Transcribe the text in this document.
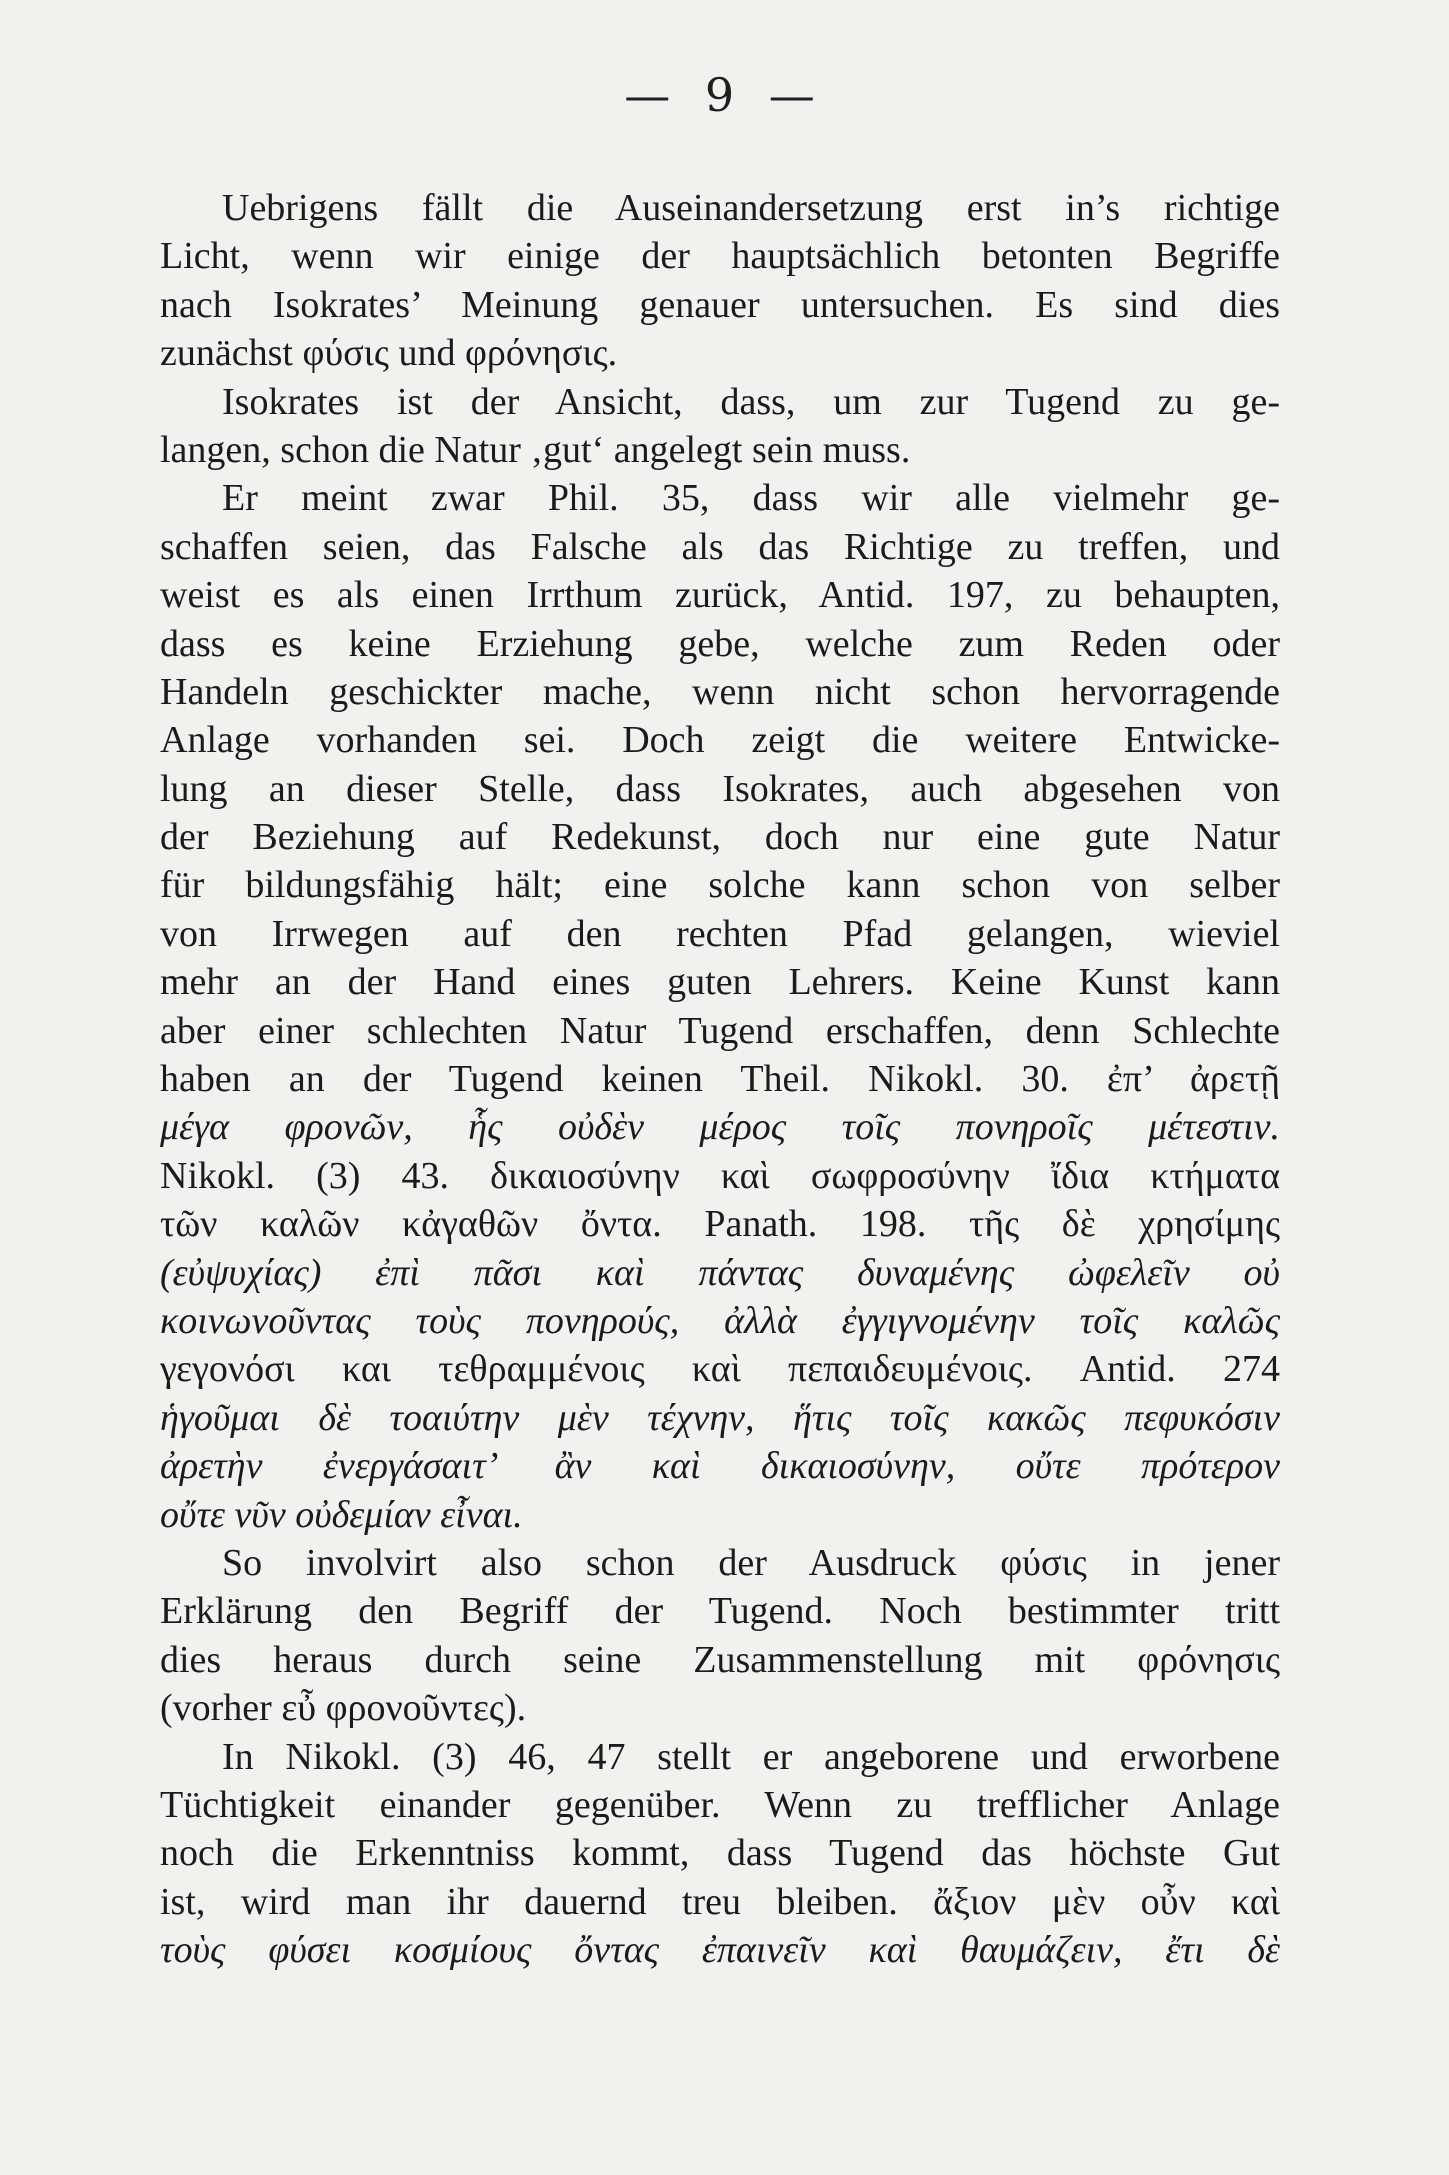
— 9 —
Uebrigens fällt die Auseinandersetzung erst in’s richtige
Licht, wenn wir einige der hauptsächlich betonten Begriffe
nach Isokrates’ Meinung genauer untersuchen. Es sind dies
zunächst φύσις und φρόνησις.
Isokrates ist der Ansicht, dass, um zur Tugend zu ge-
langen, schon die Natur ‚gut‘ angelegt sein muss.
Er meint zwar Phil. 35, dass wir alle vielmehr ge-
schaffen seien, das Falsche als das Richtige zu treffen, und
weist es als einen Irrthum zurück, Antid. 197, zu behaupten,
dass es keine Erziehung gebe, welche zum Reden oder
Handeln geschickter mache, wenn nicht schon hervorragende
Anlage vorhanden sei. Doch zeigt die weitere Entwicke-
lung an dieser Stelle, dass Isokrates, auch abgesehen von
der Beziehung auf Redekunst, doch nur eine gute Natur
für bildungsfähig hält; eine solche kann schon von selber
von Irrwegen auf den rechten Pfad gelangen, wieviel
mehr an der Hand eines guten Lehrers. Keine Kunst kann
aber einer schlechten Natur Tugend erschaffen, denn Schlechte
haben an der Tugend keinen Theil. Nikokl. 30. ἐπ’ ἀρετῇ
μέγα φρονῶν, ἧς οὐδὲν μέρος τοῖς πονηροῖς μέτεστιν.
Nikokl. (3) 43. δικαιοσύνην καὶ σωφροσύνην ἴδια κτήματα
τῶν καλῶν κἀγαθῶν ὄντα. Panath. 198. τῆς δὲ χρησίμης
(εὐψυχίας) ἐπὶ πᾶσι καὶ πάντας δυναμένης ὠφελεῖν οὐ
κοινωνοῦντας τοὺς πονηρούς, ἀλλὰ ἐγγιγνομένην τοῖς καλῶς
γεγονόσι και τεθραμμένοις καὶ πεπαιδευμένοις. Antid. 274
ἡγοῦμαι δὲ τοαιύτην μὲν τέχνην, ἥτις τοῖς κακῶς πεφυκόσιν
ἀρετὴν ἐνεργάσαιτ’ ἂν καὶ δικαιοσύνην, οὔτε πρότερον
οὔτε νῦν οὐδεμίαν εἶναι.
So involvirt also schon der Ausdruck φύσις in jener
Erklärung den Begriff der Tugend. Noch bestimmter tritt
dies heraus durch seine Zusammenstellung mit φρόνησις
(vorher εὖ φρονοῦντες).
In Nikokl. (3) 46, 47 stellt er angeborene und erworbene
Tüchtigkeit einander gegenüber. Wenn zu trefflicher Anlage
noch die Erkenntniss kommt, dass Tugend das höchste Gut
ist, wird man ihr dauernd treu bleiben. ἄξιον μὲν οὖν καὶ
τοὺς φύσει κοσμίους ὄντας ἐπαινεῖν καὶ θαυμάζειν, ἔτι δὲ
